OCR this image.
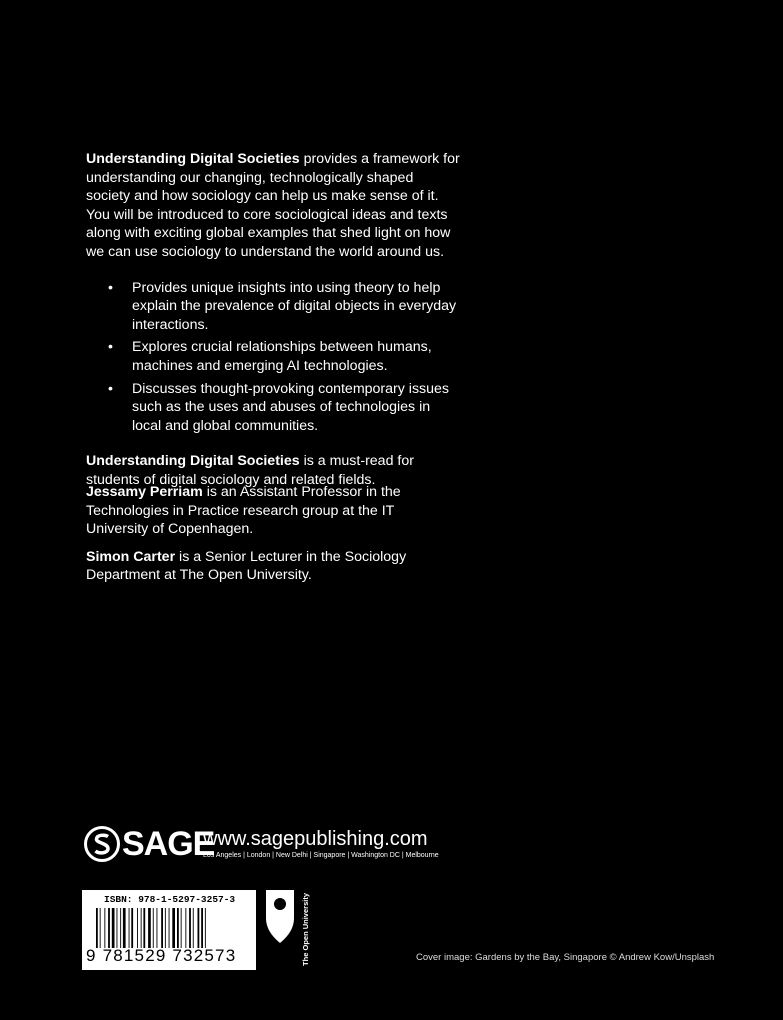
Understanding Digital Societies provides a framework for understanding our changing, technologically shaped society and how sociology can help us make sense of it. You will be introduced to core sociological ideas and texts along with exciting global examples that shed light on how we can use sociology to understand the world around us.

• Provides unique insights into using theory to help explain the prevalence of digital objects in everyday interactions.
• Explores crucial relationships between humans, machines and emerging AI technologies.
• Discusses thought-provoking contemporary issues such as the uses and abuses of technologies in local and global communities.

Understanding Digital Societies is a must-read for students of digital sociology and related fields.

Jessamy Perriam is an Assistant Professor in the Technologies in Practice research group at the IT University of Copenhagen.

Simon Carter is a Senior Lecturer in the Sociology Department at The Open University.

SAGE
www.sagepublishing.com
Los Angeles | London | New Delhi | Singapore | Washington DC | Melbourne
ISBN: 978-1-5297-3257-3
9 781529 732573	The Open University	Cover image: Gardens by the Bay, Singapore © Andrew Kow/Unsplash
